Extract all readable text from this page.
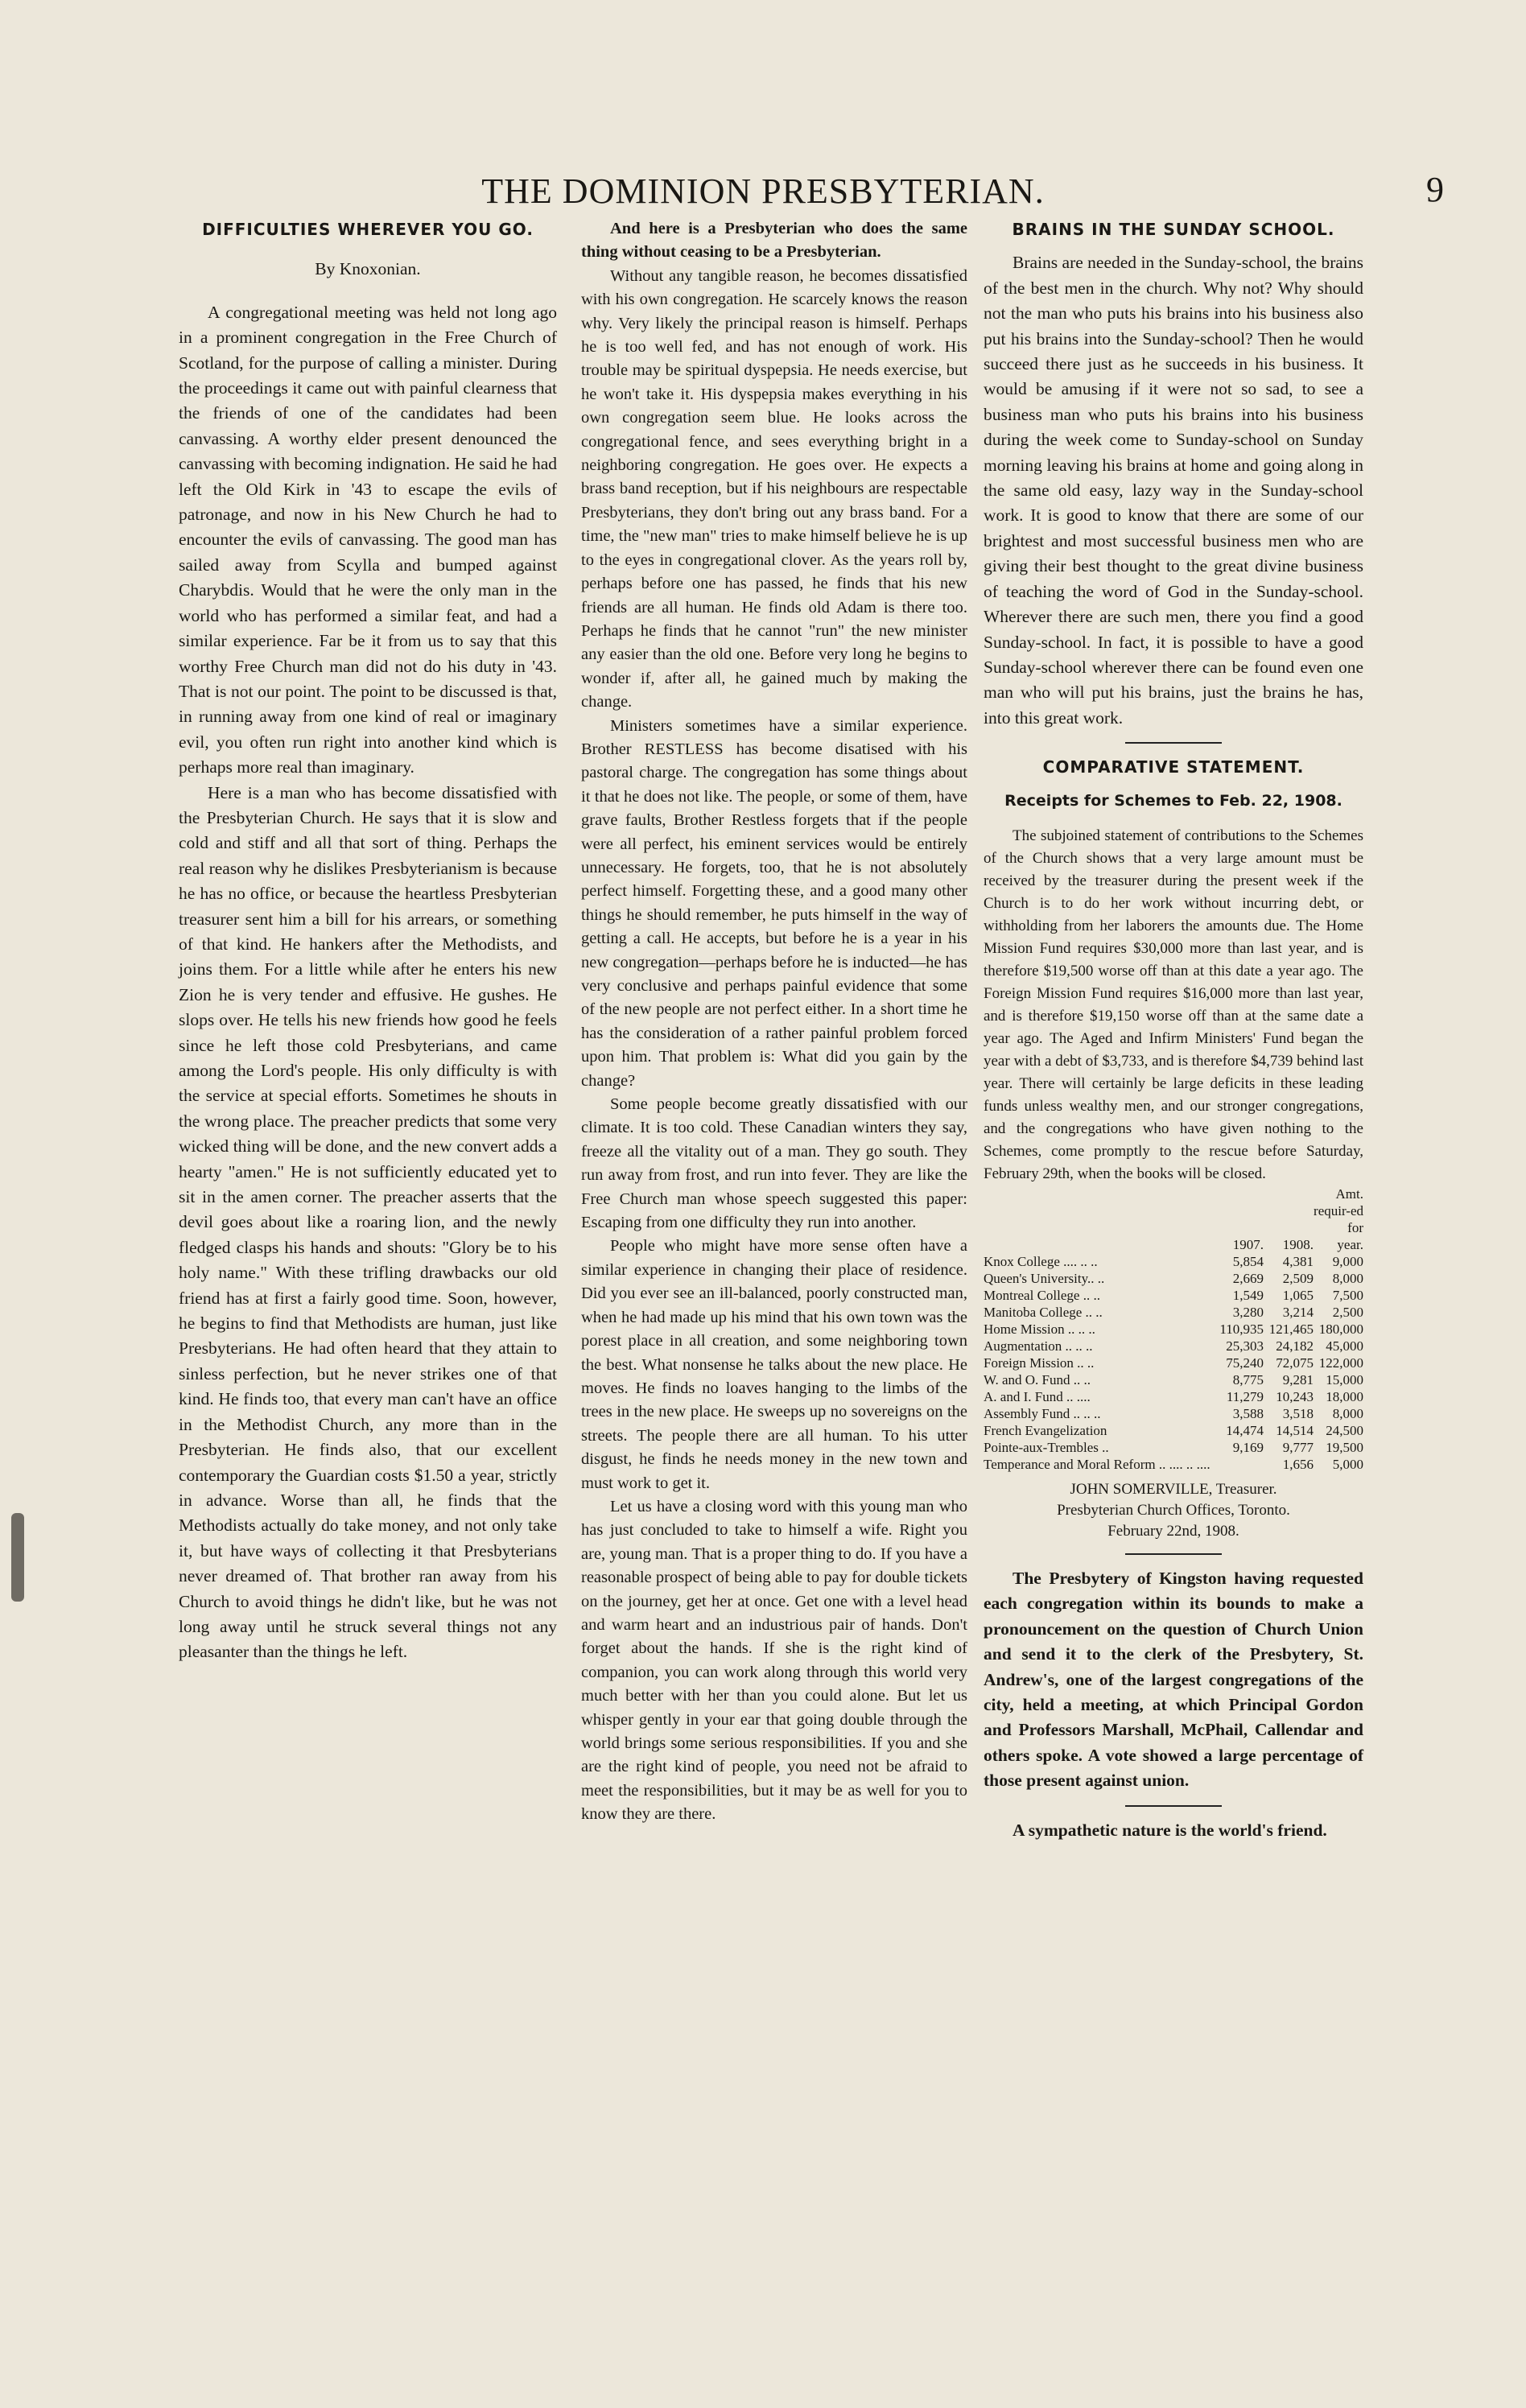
THE DOMINION PRESBYTERIAN.	9
DIFFICULTIES WHEREVER YOU GO.
By Knoxonian.

A congregational meeting was held not long ago in a prominent congregation in the Free Church of Scotland, for the purpose of calling a minister. During the proceedings it came out with painful clearness that the friends of one of the candidates had been canvassing. A worthy elder present denounced the canvassing with becoming indignation. He said he had left the Old Kirk in '43 to escape the evils of patronage, and now in his New Church he had to encounter the evils of canvassing. The good man has sailed away from Scylla and bumped against Charybdis. Would that he were the only man in the world who has performed a similar feat, and had a similar experience. Far be it from us to say that this worthy Free Church man did not do his duty in '43. That is not our point. The point to be discussed is that, in running away from one kind of real or imaginary evil, you often run right into another kind which is perhaps more real than imaginary.

Here is a man who has become dissatisfied with the Presbyterian Church. He says that it is slow and cold and stiff and all that sort of thing. Perhaps the real reason why he dislikes Presbyterianism is because he has no office, or because the heartless Presbyterian treasurer sent him a bill for his arrears, or something of that kind. He hankers after the Methodists, and joins them. For a little while after he enters his new Zion he is very tender and effusive. He gushes. He slops over. He tells his new friends how good he feels since he left those cold Presbyterians, and came among the Lord's people. His only difficulty is with the service at special efforts. Sometimes he shouts in the wrong place. The preacher predicts that some very wicked thing will be done, and the new convert adds a hearty "amen." He is not sufficiently educated yet to sit in the amen corner. The preacher asserts that the devil goes about like a roaring lion, and the newly fledged clasps his hands and shouts: "Glory be to his holy name." With these trifling drawbacks our old friend has at first a fairly good time. Soon, however, he begins to find that Methodists are human, just like Presbyterians. He had often heard that they attain to sinless perfection, but he never strikes one of that kind. He finds too, that every man can't have an office in the Methodist Church, any more than in the Presbyterian. He finds also, that our excellent contemporary the Guardian costs $1.50 a year, strictly in advance. Worse than all, he finds that the Methodists actually do take money, and not only take it, but have ways of collecting it that Presbyterians never dreamed of. That brother ran away from his Church to avoid things he didn't like, but he was not long away until he struck several things not any pleasanter than the things he left.

And here is a Presbyterian who does the same thing without ceasing to be a Presbyterian.

Without any tangible reason, he becomes dissatisfied with his own congregation. He scarcely knows the reason why. Very likely the principal reason is himself. Perhaps he is too well fed, and has not enough of work. His trouble may be spiritual dyspepsia. He needs exercise, but he won't take it. His dyspepsia makes everything in his own congregation seem blue. He looks across the congregational fence, and sees everything bright in a neighboring congregation. He goes over. He expects a brass band reception, but if his neighbours are respectable Presbyterians, they don't bring out any brass band. For a time, the "new man" tries to make himself believe he is up to the eyes in congregational clover. As the years roll by, perhaps before one has passed, he finds that his new friends are all human. He finds old Adam is there too. Perhaps he finds that he cannot "run" the new minister any easier than the old one. Before very long he begins to wonder if, after all, he gained much by making the change.

Ministers sometimes have a similar experience. Brother RESTLESS has become disatised with his pastoral charge. The congregation has some things about it that he does not like. The people, or some of them, have grave faults, Brother Restless forgets that if the people were all perfect, his eminent services would be entirely unnecessary. He forgets, too, that he is not absolutely perfect himself. Forgetting these, and a good many other things he should remember, he puts himself in the way of getting a call. He accepts, but before he is a year in his new congregation—perhaps before he is inducted—he has very conclusive and perhaps painful evidence that some of the new people are not perfect either. In a short time he has the consideration of a rather painful problem forced upon him. That problem is: What did you gain by the change?

Some people become greatly dissatisfied with our climate. It is too cold. These Canadian winters they say, freeze all the vitality out of a man. They go south. They run away from frost, and run into fever. They are like the Free Church man whose speech suggested this paper: Escaping from one difficulty they run into another.

People who might have more sense often have a similar experience in changing their place of residence. Did you ever see an ill-balanced, poorly constructed man, when he had made up his mind that his own town was the porest place in all creation, and some neighboring town the best. What nonsense he talks about the new place. He moves. He finds no loaves hanging to the limbs of the trees in the new place. He sweeps up no sovereigns on the streets. The people there are all human. To his utter disgust, he finds he needs money in the new town and must work to get it.

Let us have a closing word with this young man who has just concluded to take to himself a wife. Right you are, young man. That is a proper thing to do. If you have a reasonable prospect of being able to pay for double tickets on the journey, get her at once. Get one with a level head and warm heart and an industrious pair of hands. Don't forget about the hands. If she is the right kind of companion, you can work along through this world very much better with her than you could alone. But let us whisper gently in your ear that going double through the world brings some serious responsibilities. If you and she are the right kind of people, you need not be afraid to meet the responsibilities, but it may be as well for you to know they are there.

BRAINS IN THE SUNDAY SCHOOL.

Brains are needed in the Sunday-school, the brains of the best men in the church. Why not? Why should not the man who puts his brains into his business also put his brains into the Sunday-school? Then he would succeed there just as he succeeds in his business. It would be amusing if it were not so sad, to see a business man who puts his brains into his business during the week come to Sunday-school on Sunday morning leaving his brains at home and going along in the same old easy, lazy way in the Sunday-school work. It is good to know that there are some of our brightest and most successful business men who are giving their best thought to the great divine business of teaching the word of God in the Sunday-school. Wherever there are such men, there you find a good Sunday-school. In fact, it is possible to have a good Sunday-school wherever there can be found even one man who will put his brains, just the brains he has, into this great work.

COMPARATIVE STATEMENT.
Receipts for Schemes to Feb. 22, 1908.

The subjoined statement of contributions to the Schemes of the Church shows that a very large amount must be received by the treasurer during the present week if the Church is to do her work without incurring debt, or withholding from her laborers the amounts due. The Home Mission Fund requires $30,000 more than last year, and is therefore $19,500 worse off than at this date a year ago. The Foreign Mission Fund requires $16,000 more than last year, and is therefore $19,150 worse off than at the same date a year ago. The Aged and Infirm Ministers' Fund began the year with a debt of $3,733, and is therefore $4,739 behind last year. There will certainly be large deficits in these leading funds unless wealthy men, and our stronger congregations, and the congregations who have given nothing to the Schemes, come promptly to the rescue before Saturday, February 29th, when the books will be closed.

			Amt. requir-ed for
	1907.	1908.	year.
Knox College .... .. ..	5,854	4,381	9,000
Queen's University.. ..	2,669	2,509	8,000
Montreal College .. ..	1,549	1,065	7,500
Manitoba College .. ..	3,280	3,214	2,500
Home Mission .. .. ..	110,935	121,465	180,000
Augmentation .. .. ..	25,303	24,182	45,000
Foreign Mission .. ..	75,240	72,075	122,000
W. and O. Fund .. ..	8,775	9,281	15,000
A. and I. Fund .. ....	11,279	10,243	18,000
Assembly Fund .. .. ..	3,588	3,518	8,000
French Evangelization	14,474	14,514	24,500
Pointe-aux-Trembles ..	9,169	9,777	19,500
Temperance and Moral Reform .. .... .. ....		1,656	5,000
JOHN SOMERVILLE, Treasurer.
Presbyterian Church Offices, Toronto.
February 22nd, 1908.

The Presbytery of Kingston having requested each congregation within its bounds to make a pronouncement on the question of Church Union and send it to the clerk of the Presbytery, St. Andrew's, one of the largest congregations of the city, held a meeting, at which Principal Gordon and Professors Marshall, McPhail, Callendar and others spoke. A vote showed a large percentage of those present against union.

A sympathetic nature is the world's friend.
